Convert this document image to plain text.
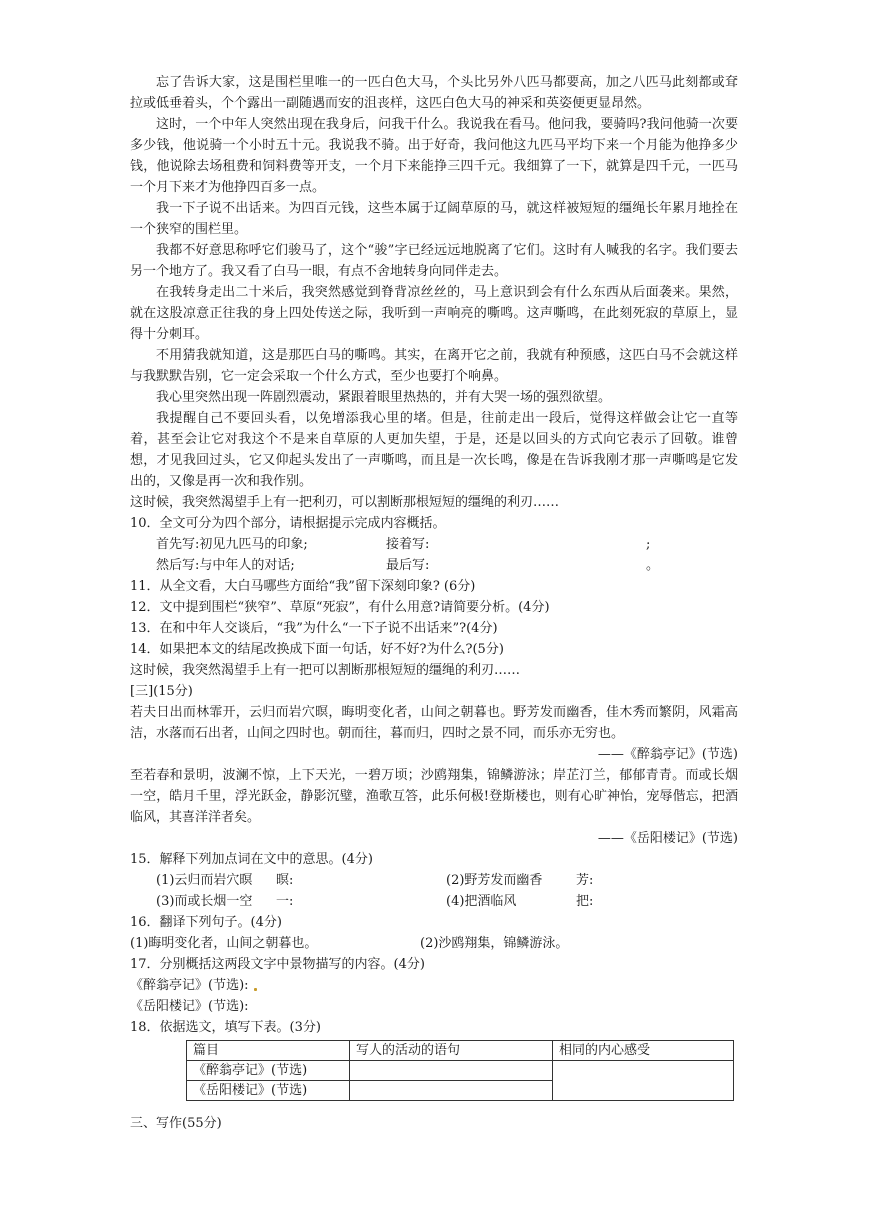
忘了告诉大家，这是围栏里唯一的一匹白色大马，个头比另外八匹马都要高，加之八匹马此刻都或耷拉或低垂着头，个个露出一副随遇而安的沮丧样，这匹白色大马的神采和英姿便更显昂然。

这时，一个中年人突然出现在我身后，问我干什么。我说我在看马。他问我，要骑吗?我问他骑一次要多少钱，他说骑一个小时五十元。我说我不骑。出于好奇，我问他这九匹马平均下来一个月能为他挣多少钱，他说除去场租费和饲料费等开支，一个月下来能挣三四千元。我细算了一下，就算是四千元，一匹马一个月下来才为他挣四百多一点。

我一下子说不出话来。为四百元钱，这些本属于辽阔草原的马，就这样被短短的缰绳长年累月地拴在一个狭窄的围栏里。

我都不好意思称呼它们骏马了，这个“骏”字已经远远地脱离了它们。这时有人喊我的名字。我们要去另一个地方了。我又看了白马一眼，有点不舍地转身向同伴走去。

在我转身走出二十米后，我突然感觉到脊背凉丝丝的，马上意识到会有什么东西从后面袭来。果然，就在这股凉意正往我的身上四处传送之际，我听到一声响亮的嘶鸣。这声嘶鸣，在此刻死寂的草原上，显得十分刺耳。

不用猜我就知道，这是那匹白马的嘶鸣。其实，在离开它之前，我就有种预感，这匹白马不会就这样与我默默告别，它一定会采取一个什么方式，至少也要打个响鼻。

我心里突然出现一阵剧烈震动，紧跟着眼里热热的，并有大哭一场的强烈欲望。

我提醒自己不要回头看，以免增添我心里的堵。但是，往前走出一段后，觉得这样做会让它一直等着，甚至会让它对我这个不是来自草原的人更加失望，于是，还是以回头的方式向它表示了回敬。谁曾想，才见我回过头，它又仰起头发出了一声嘶鸣，而且是一次长鸣，像是在告诉我刚才那一声嘶鸣是它发出的，又像是再一次和我作别。

这时候，我突然渴望手上有一把利刃，可以割断那根短短的缰绳的利刃……

10．全文可分为四个部分，请根据提示完成内容概括。

首先写:初见九匹马的印象;	接着写:	;
然后写:与中年人的对话;	最后写:	。

11．从全文看，大白马哪些方面给“我”留下深刻印象? (6分)

12．文中提到围栏“狭窄”、草原“死寂”，有什么用意?请简要分析。(4分)

13．在和中年人交谈后，“我”为什么“一下子说不出话来”?(4分)

14．如果把本文的结尾改换成下面一句话，好不好?为什么?(5分)

这时候，我突然渴望手上有一把可以割断那根短短的缰绳的利刃……

[三](15分)

若夫日出而林霏开，云归而岩穴暝，晦明变化者，山间之朝暮也。野芳发而幽香，佳木秀而繁阴，风霜高洁，水落而石出者，山间之四时也。朝而往，暮而归，四时之景不同，而乐亦无穷也。

——《醉翁亭记》(节选)

至若春和景明，波澜不惊，上下天光，一碧万顷；沙鸥翔集，锦鳞游泳；岸芷汀兰，郁郁青青。而或长烟一空，皓月千里，浮光跃金，静影沉璧，渔歌互答，此乐何极!登斯楼也，则有心旷神怡，宠辱偕忘，把酒临风，其喜洋洋者矣。

——《岳阳楼记》(节选)

15．解释下列加点词在文中的意思。(4分)

(1)云归而岩穴暝	暝:	(2)野芳发而幽香	芳:
(3)而或长烟一空	一:	(4)把酒临风	把:

16．翻译下列句子。(4分)

(1)晦明变化者，山间之朝暮也。	(2)沙鸥翔集，锦鳞游泳。

17．分别概括这两段文字中景物描写的内容。(4分)

《醉翁亭记》(节选):

《岳阳楼记》(节选):

18．依据选文，填写下表。(3分)

篇目	写人的活动的语句	相同的内心感受
《醉翁亭记》(节选)		
《岳阳楼记》(节选)		

三、写作(55分)
